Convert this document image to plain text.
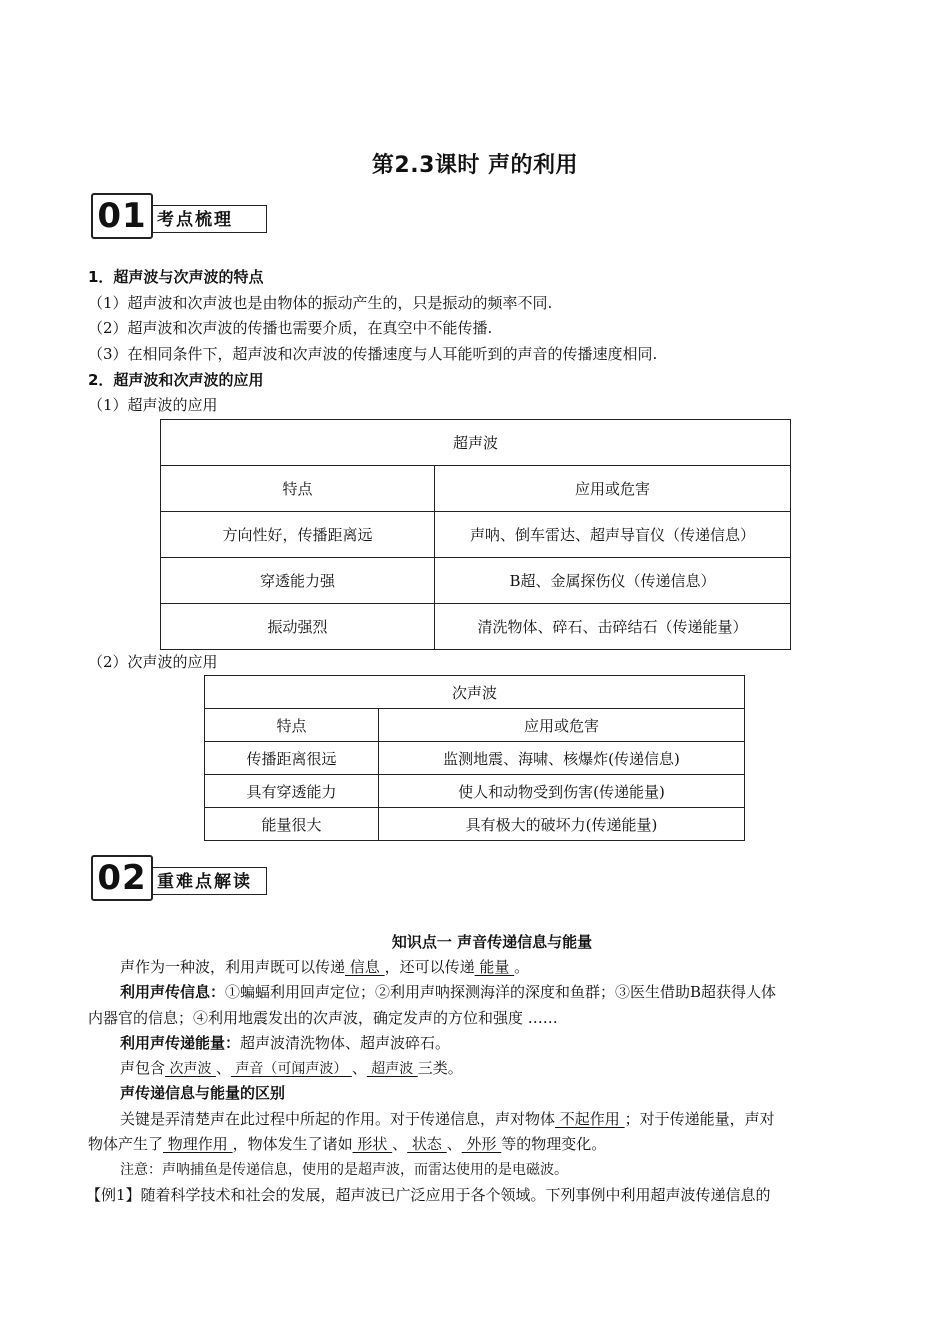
第2.3课时 声的利用
01 考点梳理
1．超声波与次声波的特点
（1）超声波和次声波也是由物体的振动产生的，只是振动的频率不同.
（2）超声波和次声波的传播也需要介质，在真空中不能传播.
（3）在相同条件下，超声波和次声波的传播速度与人耳能听到的声音的传播速度相同.
2．超声波和次声波的应用
（1）超声波的应用
超声波	
特点	应用或危害
方向性好，传播距离远	声呐、倒车雷达、超声导盲仪（传递信息）
穿透能力强	B超、金属探伤仪（传递信息）
振动强烈	清洗物体、碎石、击碎结石（传递能量）
（2）次声波的应用
次声波	
特点	应用或危害
传播距离很远	监测地震、海啸、核爆炸(传递信息)
具有穿透能力	使人和动物受到伤害(传递能量)
能量很大	具有极大的破坏力(传递能量)
02 重难点解读
知识点一 声音传递信息与能量
声作为一种波，利用声既可以传递 信息 ，还可以传递 能量 。
利用声传信息：①蝙蝠利用回声定位；②利用声呐探测海洋的深度和鱼群；③医生借助B超获得人体
内器官的信息；④利用地震发出的次声波，确定发声的方位和强度 ……
利用声传递能量：超声波清洗物体、超声波碎石。
声包含 次声波 、 声音（可闻声波） 、 超声波 三类。
声传递信息与能量的区别
关键是弄清楚声在此过程中所起的作用。对于传递信息，声对物体 不起作用 ；对于传递能量，声对
物体产生了 物理作用 ，物体发生了诸如 形状 、 状态 、 外形 等的物理变化。
注意：声呐捕鱼是传递信息，使用的是超声波，而雷达使用的是电磁波。
【例1】随着科学技术和社会的发展，超声波已广泛应用于各个领域。下列事例中利用超声波传递信息的
